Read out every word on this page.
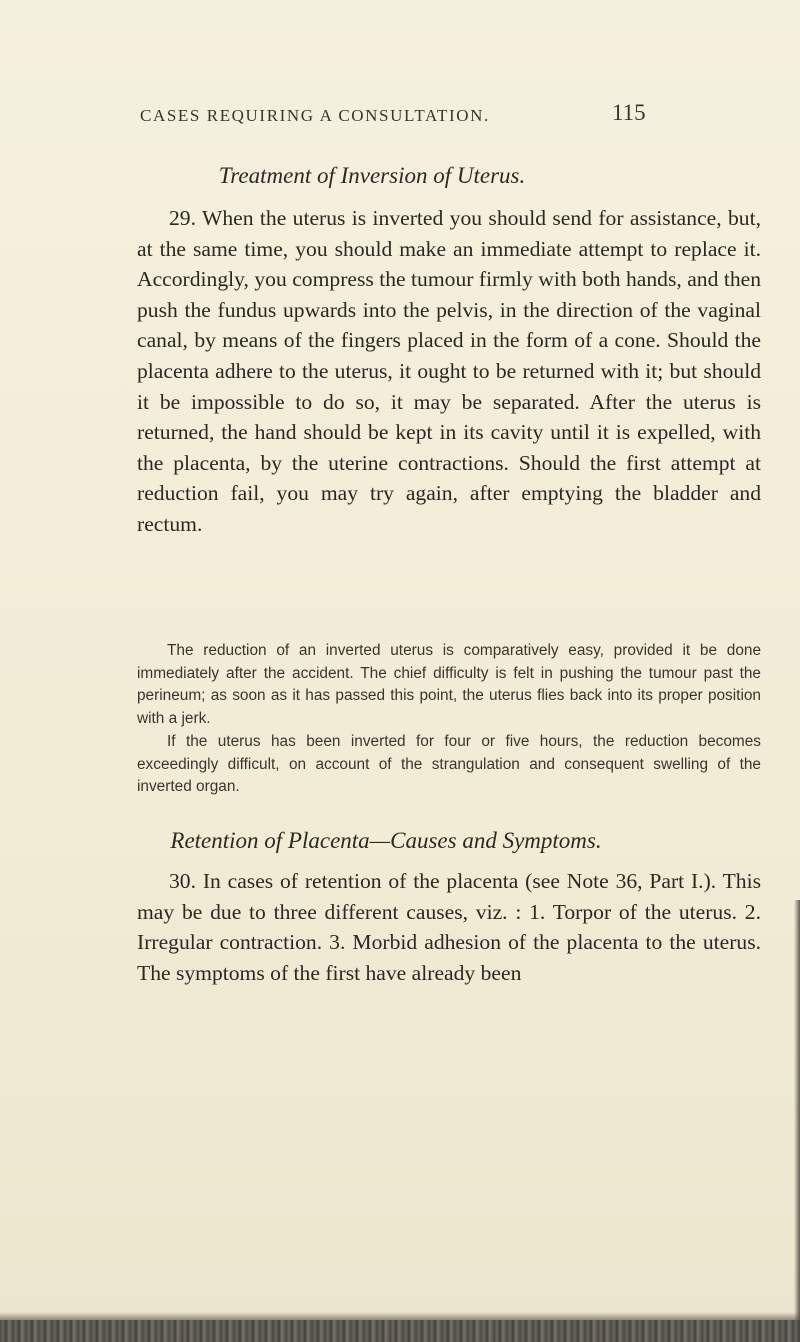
CASES REQUIRING A CONSULTATION.	115
Treatment of Inversion of Uterus.

29. When the uterus is inverted you should send for assistance, but, at the same time, you should make an immediate attempt to replace it. Accordingly, you compress the tumour firmly with both hands, and then push the fundus upwards into the pelvis, in the direction of the vaginal canal, by means of the fingers placed in the form of a cone. Should the placenta adhere to the uterus, it ought to be returned with it; but should it be impossible to do so, it may be separated. After the uterus is returned, the hand should be kept in its cavity until it is expelled, with the placenta, by the uterine contractions. Should the first attempt at reduction fail, you may try again, after emptying the bladder and rectum.

The reduction of an inverted uterus is comparatively easy, provided it be done immediately after the accident. The chief difficulty is felt in pushing the tumour past the perineum; as soon as it has passed this point, the uterus flies back into its proper position with a jerk.

If the uterus has been inverted for four or five hours, the reduction becomes exceedingly difficult, on account of the strangulation and consequent swelling of the inverted organ.

Retention of Placenta—Causes and Symptoms.

30. In cases of retention of the placenta (see Note 36, Part I.). This may be due to three different causes, viz. : 1. Torpor of the uterus. 2. Irregular contraction. 3. Morbid adhesion of the placenta to the uterus. The symptoms of the first have already been
